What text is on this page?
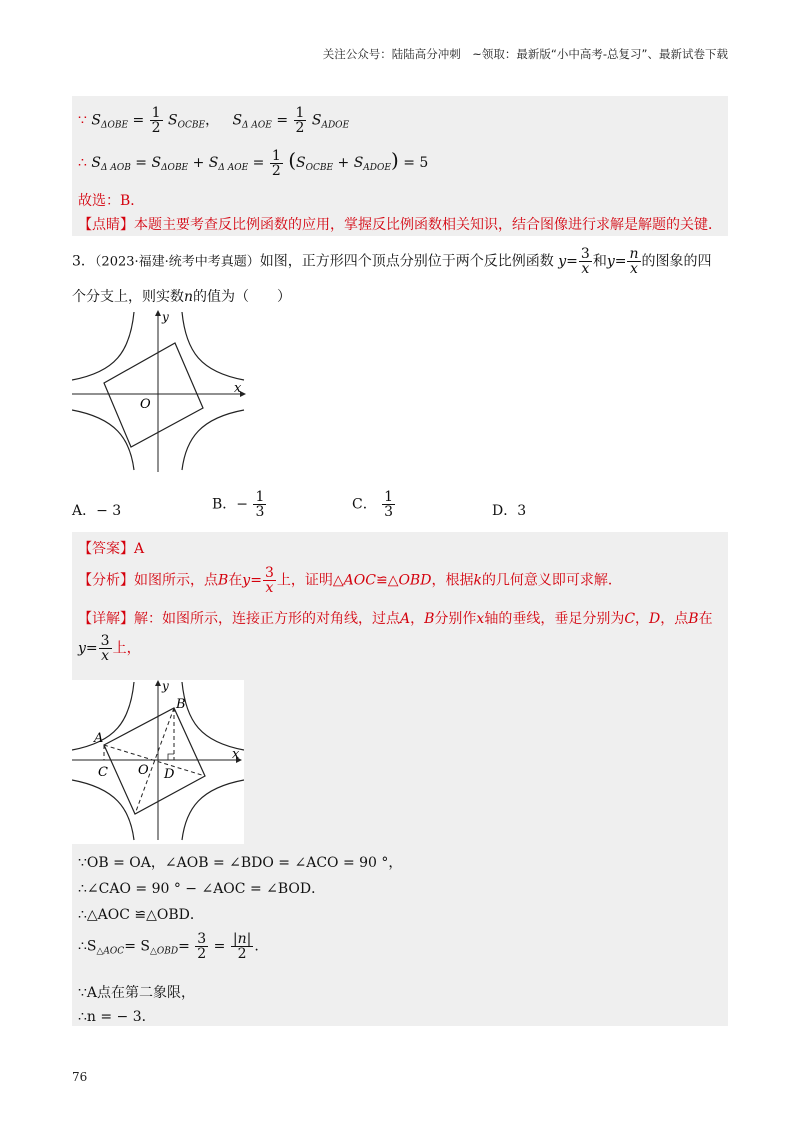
关注公众号：陆陆高分冲刺　~领取：最新版“小中高考-总复习”、最新试卷下载
∵ $S_{\Delta OBE} = \frac{1}{2} S_{OCBE}$， $S_{\Delta AOE} = \frac{1}{2} S_{ADOE}$
∴ $S_{\Delta AOB} = S_{\Delta OBE} + S_{\Delta AOE} = \frac{1}{2} (S_{OCBE} + S_{ADOE}) = 5$
故选：B．
【点睛】本题主要考查反比例函数的应用，掌握反比例函数相关知识，结合图像进行求解是解题的关键．
3．（2023·福建·统考中考真题）如图，正方形四个顶点分别位于两个反比例函数 $y= \frac{3}{x}$ 和$y= \frac{n}{x}$ 的图象的四
个分支上，则实数n的值为（　　）
y
x
O
A．− 3	B．− $\frac{1}{3}$	C． $\frac{1}{3}$	D．3
【答案】A
【分析】如图所示，点B在$y= \frac{3}{x}$ 上，证明△AOC≌△OBD，根据k的几何意义即可求解．
【详解】解：如图所示，连接正方形的对角线，过点A，B分别作x轴的垂线，垂足分别为C，D，点B在
$y= \frac{3}{x}$ 上，
y
x
O
A
B
C	D
∵OB = OA，∠AOB = ∠BDO = ∠ACO = 90 °，
∴∠CAO = 90 ° − ∠AOC = ∠BOD．
∴△AOC ≌△OBD．
$\therefore S_{\triangle AOC}= S_{\triangle OBD}= \frac{3}{2} = \frac{|n|}{2}$ .
∵A点在第二象限，
∴n = − 3．
76
